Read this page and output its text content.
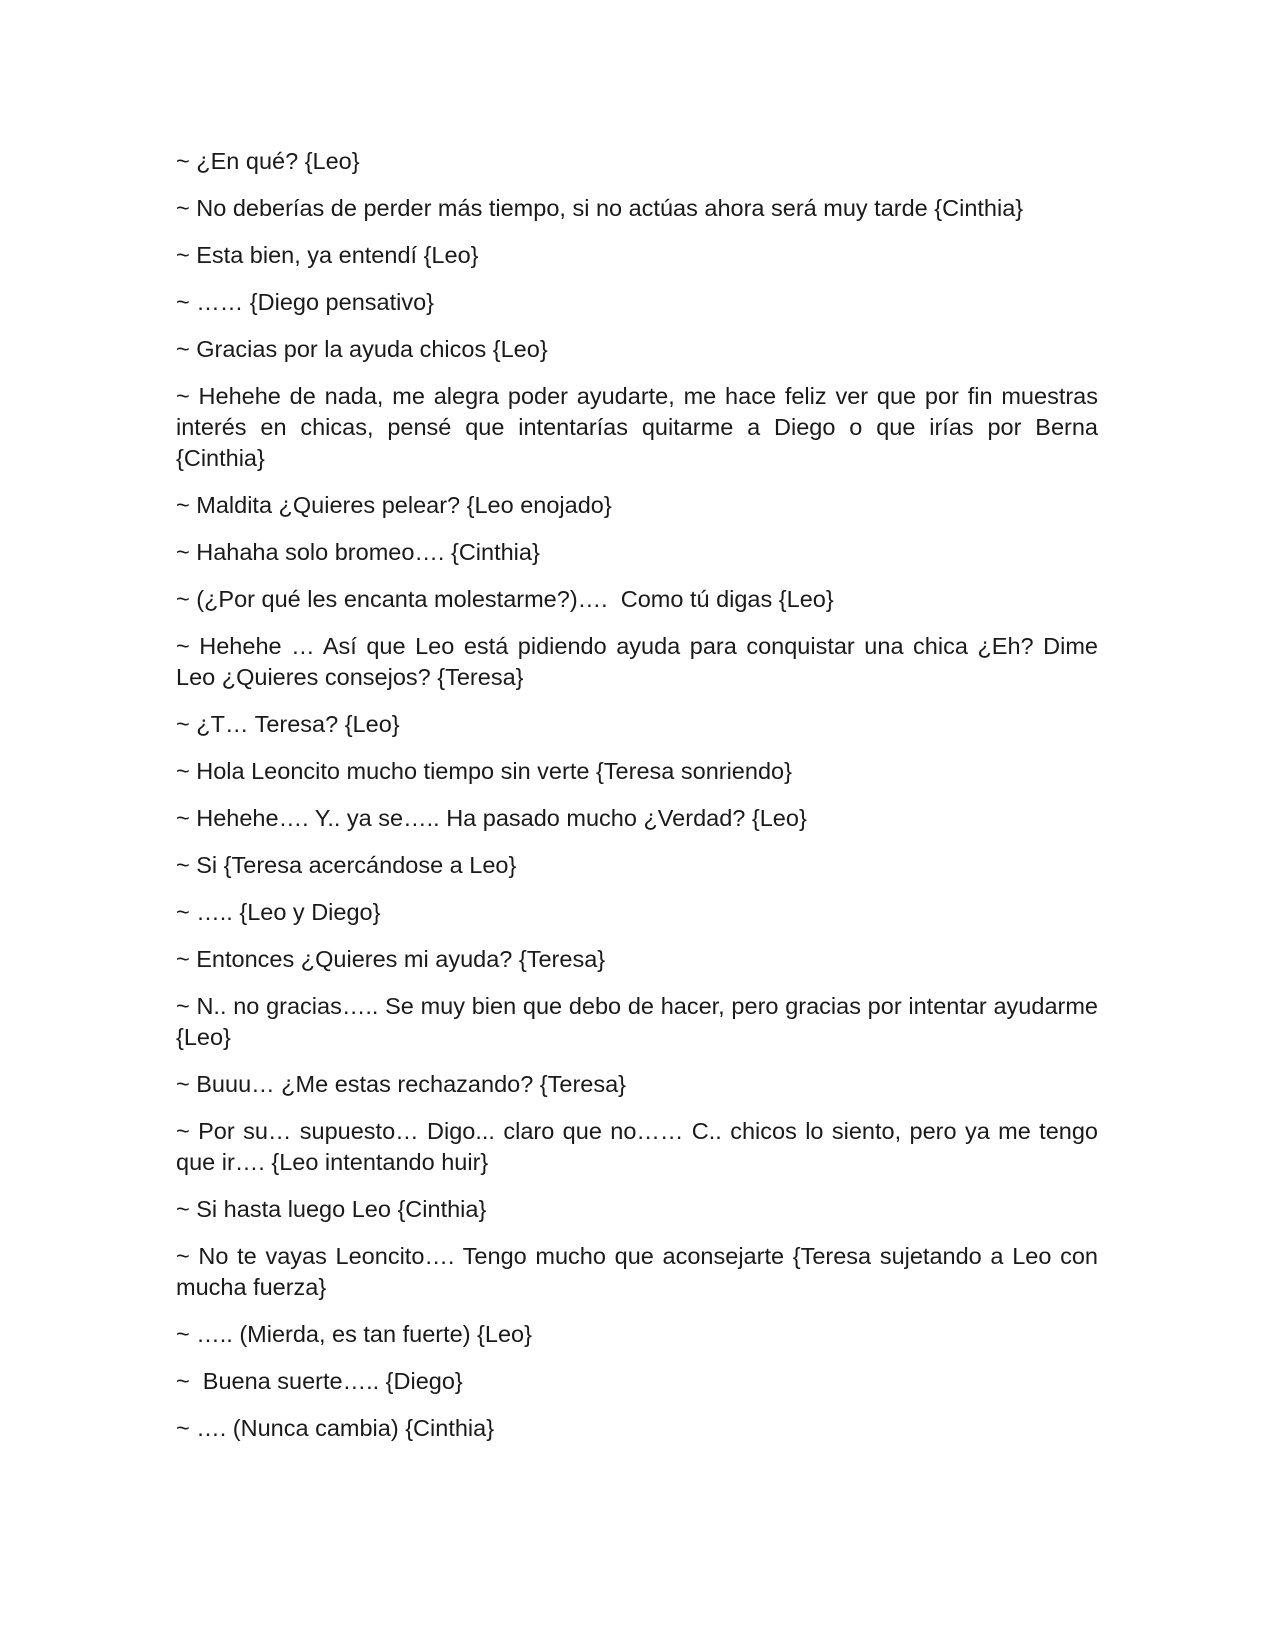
~ ¿En qué? {Leo}

~ No deberías de perder más tiempo, si no actúas ahora será muy tarde {Cinthia}

~ Esta bien, ya entendí {Leo}

~ …… {Diego pensativo}

~ Gracias por la ayuda chicos {Leo}

~ Hehehe de nada, me alegra poder ayudarte, me hace feliz ver que por fin muestras interés en chicas, pensé que intentarías quitarme a Diego o que irías por Berna {Cinthia}

~ Maldita ¿Quieres pelear? {Leo enojado}

~ Hahaha solo bromeo…. {Cinthia}

~ (¿Por qué les encanta molestarme?)….  Como tú digas {Leo}

~ Hehehe … Así que Leo está pidiendo ayuda para conquistar una chica ¿Eh? Dime Leo ¿Quieres consejos? {Teresa}

~ ¿T… Teresa? {Leo}

~ Hola Leoncito mucho tiempo sin verte {Teresa sonriendo}

~ Hehehe…. Y.. ya se….. Ha pasado mucho ¿Verdad? {Leo}

~ Si {Teresa acercándose a Leo}

~ ….. {Leo y Diego}

~ Entonces ¿Quieres mi ayuda? {Teresa}

~ N.. no gracias….. Se muy bien que debo de hacer, pero gracias por intentar ayudarme {Leo}

~ Buuu… ¿Me estas rechazando? {Teresa}

~ Por su… supuesto… Digo... claro que no…… C.. chicos lo siento, pero ya me tengo que ir…. {Leo intentando huir}

~ Si hasta luego Leo {Cinthia}

~ No te vayas Leoncito…. Tengo mucho que aconsejarte {Teresa sujetando a Leo con mucha fuerza}

~ ….. (Mierda, es tan fuerte) {Leo}

~  Buena suerte….. {Diego}

~ …. (Nunca cambia) {Cinthia}
